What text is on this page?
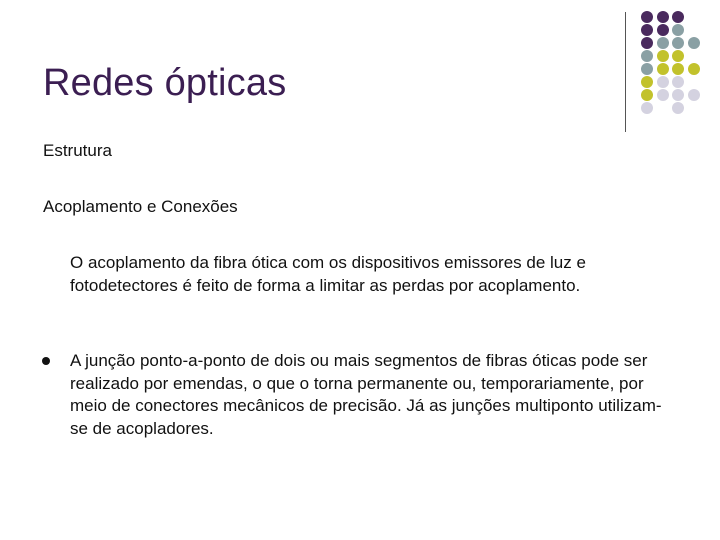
Redes ópticas

Estrutura

Acoplamento e Conexões

O acoplamento da fibra ótica com os dispositivos emissores de luz e fotodetectores é feito de forma a limitar as perdas por acoplamento.

A junção ponto-a-ponto de dois ou mais segmentos de fibras óticas pode ser realizado por emendas, o que o torna permanente ou, temporariamente, por meio de conectores mecânicos de precisão. Já as junções multiponto utilizam-se de acopladores.
